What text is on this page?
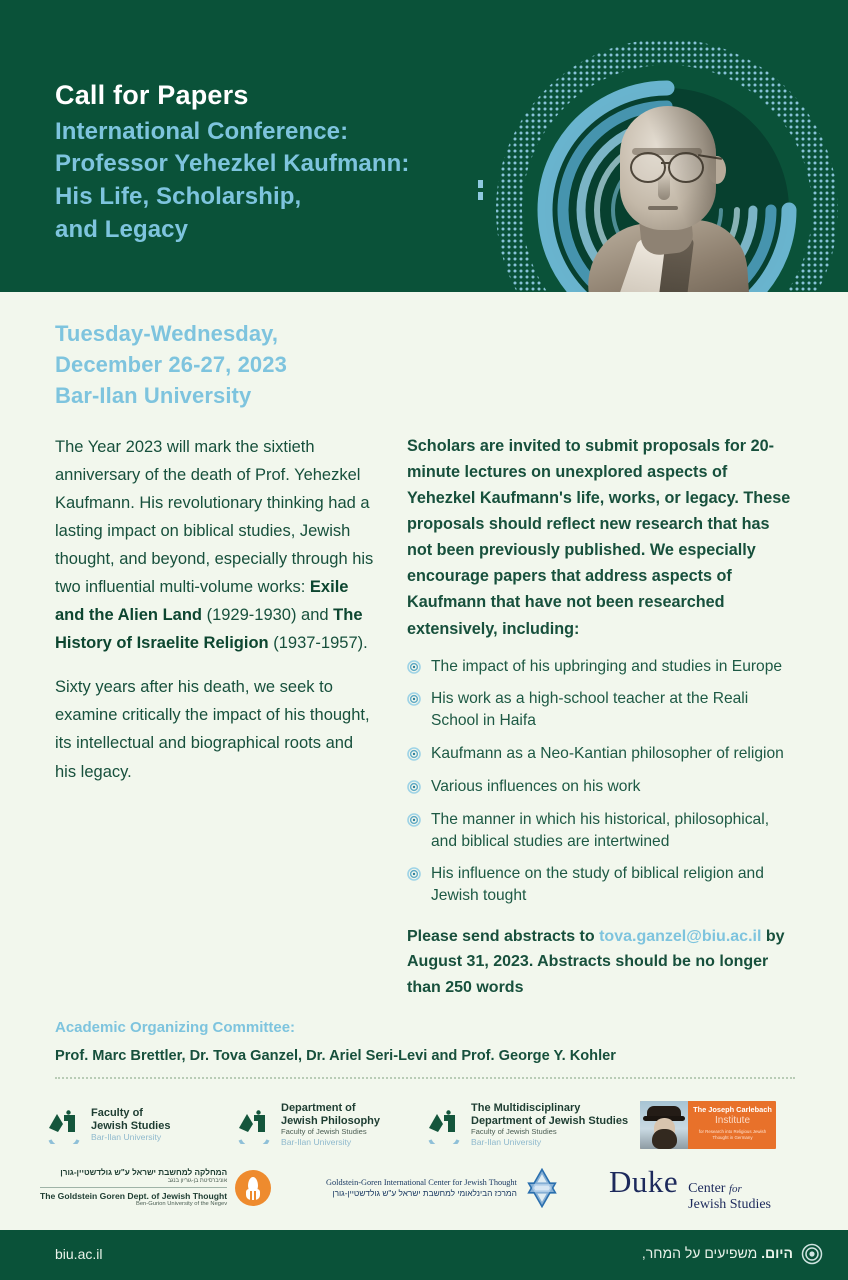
Call for Papers
International Conference:
Professor Yehezkel Kaufmann:
His Life, Scholarship,
and Legacy
Tuesday-Wednesday,
December 26-27, 2023
Bar-Ilan University

The Year 2023 will mark the sixtieth anniversary of the death of Prof. Yehezkel Kaufmann. His revolutionary thinking had a lasting impact on biblical studies, Jewish thought, and beyond, especially through his two influential multi-volume works: Exile and the Alien Land (1929-1930) and The History of Israelite Religion (1937-1957).

Sixty years after his death, we seek to examine critically the impact of his thought, its intellectual and biographical roots and his legacy.

Scholars are invited to submit proposals for 20-minute lectures on unexplored aspects of Yehezkel Kaufmann's life, works, or legacy. These proposals should reflect new research that has not been previously published. We especially encourage papers that address aspects of Kaufmann that have not been researched extensively, including:

The impact of his upbringing and studies in Europe
His work as a high-school teacher at the Reali School in Haifa
Kaufmann as a Neo-Kantian philosopher of religion
Various influences on his work
The manner in which his historical, philosophical, and biblical studies are intertwined
His influence on the study of biblical religion and Jewish tought
Please send abstracts to tova.ganzel@biu.ac.il by August 31, 2023. Abstracts should be no longer than 250 words
Academic Organizing Committee:
Prof. Marc Brettler, Dr. Tova Ganzel, Dr. Ariel Seri-Levi and Prof. George Y. Kohler
Faculty of
Jewish Studies
Bar-Ilan University
Department of
Jewish Philosophy
Faculty of Jewish Studies
Bar-Ilan University
The Multidisciplinary
Department of Jewish Studies
Faculty of Jewish Studies
Bar-Ilan University
The Joseph Carlebach
Institute
for Research into Religious Jewish Thought in Germany
המחלקה למחשבת ישראל ע"ש גולדשטיין-גורן
אוניברסיטת בן-גוריון בנגב
The Goldstein Goren Dept. of Jewish Thought
Ben-Gurion University of the Negev
Goldstein-Goren International Center for Jewish Thought
המרכז הבינלאומי למחשבת ישראל ע"ש גולדשטיין-גורן	Duke Center for
Jewish Studies
biu.ac.il	היום. משפיעים על המחר,
